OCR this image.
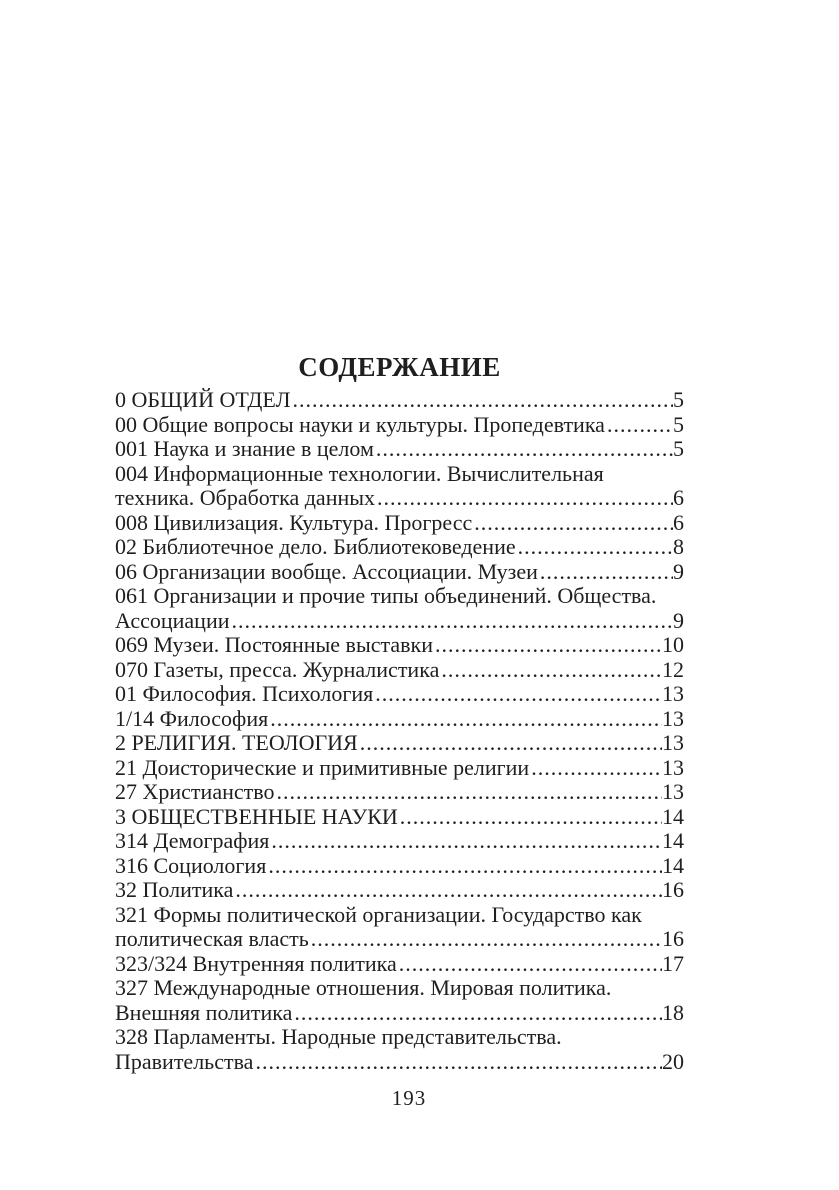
СОДЕРЖАНИЕ
0 ОБЩИЙ ОТДЕЛ .....	5
00 Общие вопросы науки и культуры. Пропедевтика .....	5
001 Наука и знание в целом .....	5
004 Информационные технологии. Вычислительная
техника. Обработка данных .....	6
008 Цивилизация. Культура. Прогресс .....	6
02 Библиотечное дело. Библиотековедение .....	8
06 Организации вообще. Ассоциации. Музеи .....	9
061 Организации и прочие типы объединений. Общества.
Ассоциации .....	9
069 Музеи. Постоянные выставки .....	10
070 Газеты, пресса. Журналистика .....	12
01 Философия. Психология .....	13
1/14 Философия .....	13
2 РЕЛИГИЯ. ТЕОЛОГИЯ .....	13
21 Доисторические и примитивные религии .....	13
27 Христианство .....	13
3 ОБЩЕСТВЕННЫЕ НАУКИ .....	14
314 Демография .....	14
316 Социология .....	14
32 Политика .....	16
321 Формы политической организации. Государство как
политическая власть .....	16
323/324 Внутренняя политика .....	17
327 Международные отношения. Мировая политика.
Внешняя политика .....	18
328 Парламенты. Народные представительства.
Правительства .....	20
193
